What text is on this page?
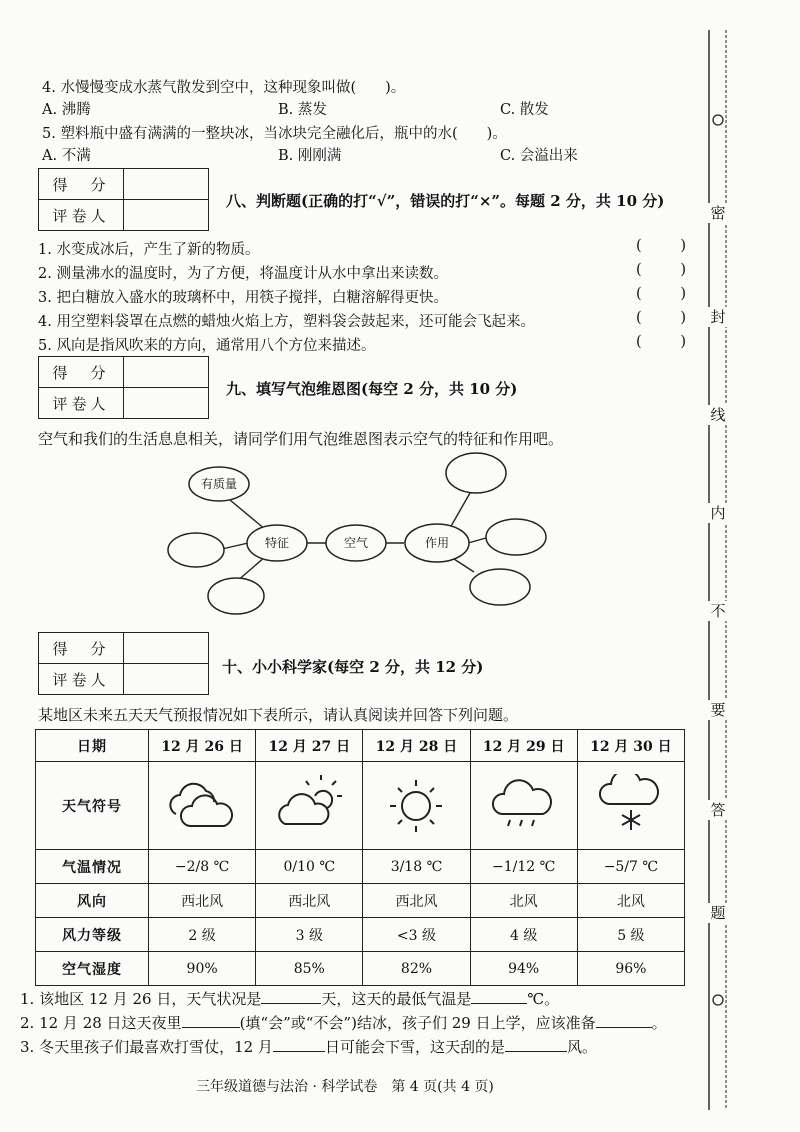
4. 水慢慢变成水蒸气散发到空中，这种现象叫做(　　)。
A. 沸腾	B. 蒸发	C. 散发
5. 塑料瓶中盛有满满的一整块冰，当冰块完全融化后，瓶中的水(　　)。
A. 不满	B. 刚刚满	C. 会溢出来
得　分	
评卷人	
八、判断题(正确的打“√”，错误的打“×”。每题 2 分，共 10 分)
1. 水变成冰后，产生了新的物质。	(	)
2. 测量沸水的温度时，为了方便，将温度计从水中拿出来读数。	(	)
3. 把白糖放入盛水的玻璃杯中，用筷子搅拌，白糖溶解得更快。	(	)
4. 用空塑料袋罩在点燃的蜡烛火焰上方，塑料袋会鼓起来，还可能会飞起来。	(	)
5. 风向是指风吹来的方向，通常用八个方位来描述。	(	)
得　分	
评卷人	
九、填写气泡维恩图(每空 2 分，共 10 分)
空气和我们的生活息息相关，请同学们用气泡维恩图表示空气的特征和作用吧。
有质量
特征	空气	作用
得　分	
评卷人	
十、小小科学家(每空 2 分，共 12 分)
某地区未来五天天气预报情况如下表所示，请认真阅读并回答下列问题。
日期	12 月 26 日	12 月 27 日	12 月 28 日	12 月 29 日	12 月 30 日
天气符号					
气温情况	−2/8 ℃	0/10 ℃	3/18 ℃	−1/12 ℃	−5/7 ℃
风向	西北风	西北风	西北风	北风	北风
风力等级	2 级	3 级	<3 级	4 级	5 级
空气湿度	90%	85%	82%	94%	96%
1. 该地区 12 月 26 日，天气状况是	天，这天的最低气温是	℃。
2. 12 月 28 日这天夜里	(填“会”或“不会”)结冰，孩子们 29 日上学，应该准备	。
3. 冬天里孩子们最喜欢打雪仗，12 月	日可能会下雪，这天刮的是	风。
三年级道德与法治 · 科学试卷　第 4 页(共 4 页)
密
封
线
内
不
要
答
题
